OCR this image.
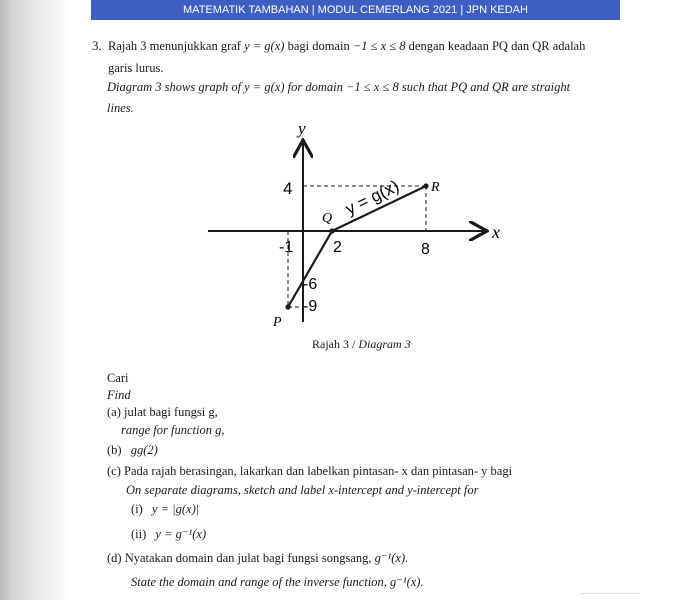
MATEMATIK TAMBAHAN | MODUL CEMERLANG 2021 | JPN KEDAH
3. Rajah 3 menunjukkan graf y = g(x) bagi domain −1 ≤ x ≤ 8 dengan keadaan PQ dan QR adalah
garis lurus.
Diagram 3 shows graph of y = g(x) for domain −1 ≤ x ≤ 8 such that PQ and QR are straight
lines.
y
x
4
-1 2	8
-6
-9
P
Q
R
y = g(x)
Rajah 3 / Diagram 3
Cari
Find
(a) julat bagi fungsi g,
range for function g,
(b) gg(2)
(c) Pada rajah berasingan, lakarkan dan labelkan pintasan- x dan pintasan- y bagi
On separate diagrams, sketch and label x-intercept and y-intercept for
(i) y = |g(x)|
(ii) y = g⁻¹(x)
(d) Nyatakan domain dan julat bagi fungsi songsang, g⁻¹(x).
State the domain and range of the inverse function, g⁻¹(x).
